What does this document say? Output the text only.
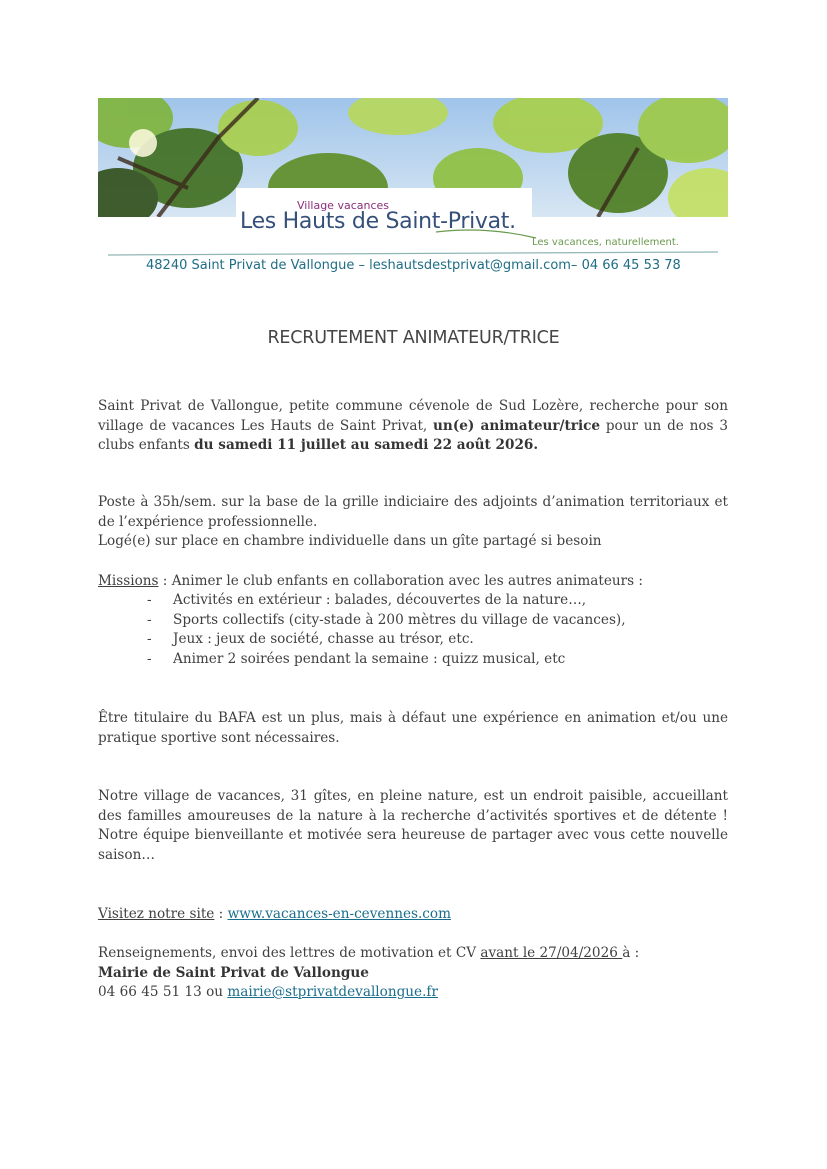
Village vacances
Les Hauts de Saint-Privat.
Les vacances, naturellement.
48240 Saint Privat de Vallongue – leshautsdestprivat@gmail.com– 04 66 45 53 78
RECRUTEMENT ANIMATEUR/TRICE

Saint Privat de Vallongue, petite commune cévenole de Sud Lozère, recherche pour son village de vacances Les Hauts de Saint Privat, un(e) animateur/trice pour un de nos 3 clubs enfants du samedi 11 juillet au samedi 22 août 2026.

Poste à 35h/sem. sur la base de la grille indiciaire des adjoints d’animation territoriaux et de l’expérience professionnelle.

Logé(e) sur place en chambre individuelle dans un gîte partagé si besoin

Missions : Animer le club enfants en collaboration avec les autres animateurs :
- Activités en extérieur : balades, découvertes de la nature…,
- Sports collectifs (city-stade à 200 mètres du village de vacances),
- Jeux : jeux de société, chasse au trésor, etc.
- Animer 2 soirées pendant la semaine : quizz musical, etc

Être titulaire du BAFA est un plus, mais à défaut une expérience en animation et/ou une pratique sportive sont nécessaires.

Notre village de vacances, 31 gîtes, en pleine nature, est un endroit paisible, accueillant des familles amoureuses de la nature à la recherche d’activités sportives et de détente ! Notre équipe bienveillante et motivée sera heureuse de partager avec vous cette nouvelle saison…

Visitez notre site : www.vacances-en-cevennes.com
Renseignements, envoi des lettres de motivation et CV avant le 27/04/2026 à :
Mairie de Saint Privat de Vallongue
04 66 45 51 13 ou mairie@stprivatdevallongue.fr
